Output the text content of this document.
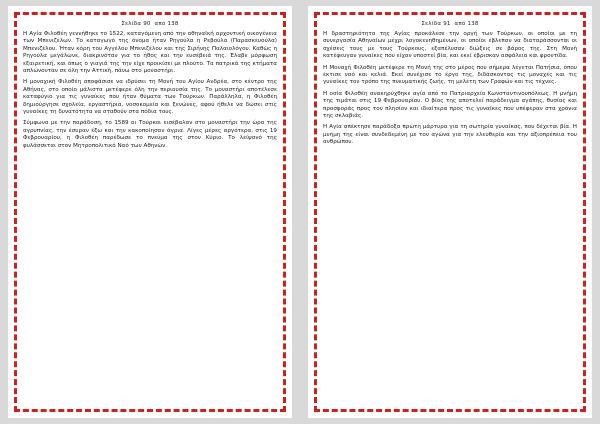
Σελίδα 90 από 138

Η Αγία Φιλοθέη γεννήθηκε το 1522, καταγόμενη από την αθηναϊκή αρχοντική οικογένεια των Μπενιζέλων. Το καταγωγό της όνομα ήταν Ρηγούλα η Ρεβούλα (Παρασκευούλα) Μπενιζέλου. Ήταν κόρη του Αγγέλου Μπενιζέλου και της Σιρήνης Παλαιολόγου. Καθώς η Ρηγούλα μεγάλωνε, διακρινόταν για το ήθος και την ευσέβειά της. Έλαβε μόρφωση εξαιρετική, και όπως ο γιαγιά της την είχε προικίσει με πλούτο. Τα πατρικά της κτήματα απλώνονταν σε όλη την Αττική, πάνω στο μοναστήρι.

Η μοναχική Φιλοθέη αποφάσισε να ιδρύσει τη Μονή του Αγίου Ανδρέα, στο κέντρο της Αθήνας, στο οποίο μάλιστα μετέφερε όλη την περιουσία της. Το μοναστήρι αποτέλεσε καταφύγιο για τις γυναίκες που ήταν θύματα των Τούρκων. Παράλληλα, η Φιλοθέη δημιούργησε σχολεία, εργαστήρια, νοσοκομεία και ξενώνες, αφού ήθελε να δώσει στις γυναίκες τη δυνατότητα να σταθούν στα πόδια τους.

Σύμφωνα με την παράδοση, το 1589 οι Τούρκοι εισέβαλαν στο μοναστήρι την ώρα της αγρυπνίας, την έσυραν έξω και την κακοποίησαν άγρια. Λίγες μέρες αργότερα, στις 19 Φεβρουαρίου, η Φιλοθέη παρέδωσε το πνεύμα της στον Κύριο. Το λείψανό της φυλάσσεται στον Μητροπολιτικό Ναό των Αθηνών.

Σελίδα 91 από 138

Η δραστηριότητα της Αγίας προκάλεσε την οργή των Τούρκων, οι οποίοι με τη συνεργασία Αθηναίων μέχρι λογοκενηθημένων, οι οποίοι έβλεπαν να διαταράσσονται οι σχέσεις τους με τους Τούρκους, εξαπέλυσαν διώξεις σε βάρος της. Στη Μονή κατέφευγαν γυναίκες που είχαν υποστεί βία, και εκεί έβρισκαν ασφάλεια και φροντίδα.

Η Μοναχή Φιλοθέη μετέφερε τη Μονή της στο μέρος που σήμερα λέγεται Πατήσια, όπου έκτισε ναό και κελιά. Εκεί συνέχισε το έργο της, διδάσκοντας τις μοναχές και τις γυναίκες τον τρόπο της πνευματικής ζωής, τη μελέτη των Γραφών και τις τέχνες.

Η οσία Φιλοθέη ανακηρύχθηκε αγία από το Πατριαρχείο Κωνσταντινουπόλεως. Η μνήμη της τιμάται στις 19 Φεβρουαρίου. Ο βίος της αποτελεί παράδειγμα αγάπης, θυσίας και προσφοράς προς τον πλησίον και ιδιαίτερα προς τις γυναίκες που υπέφεραν στα χρόνια της σκλαβιάς.

Η Αγία απέκτησε παράδοξα πρώτη μάρτυρα για τη σωτηρία γυναίκας, που δέχεται βία. Η μνήμη της είναι συνδεδεμένη με τον αγώνα για την ελευθερία και την αξιοπρέπεια του ανθρώπου.
